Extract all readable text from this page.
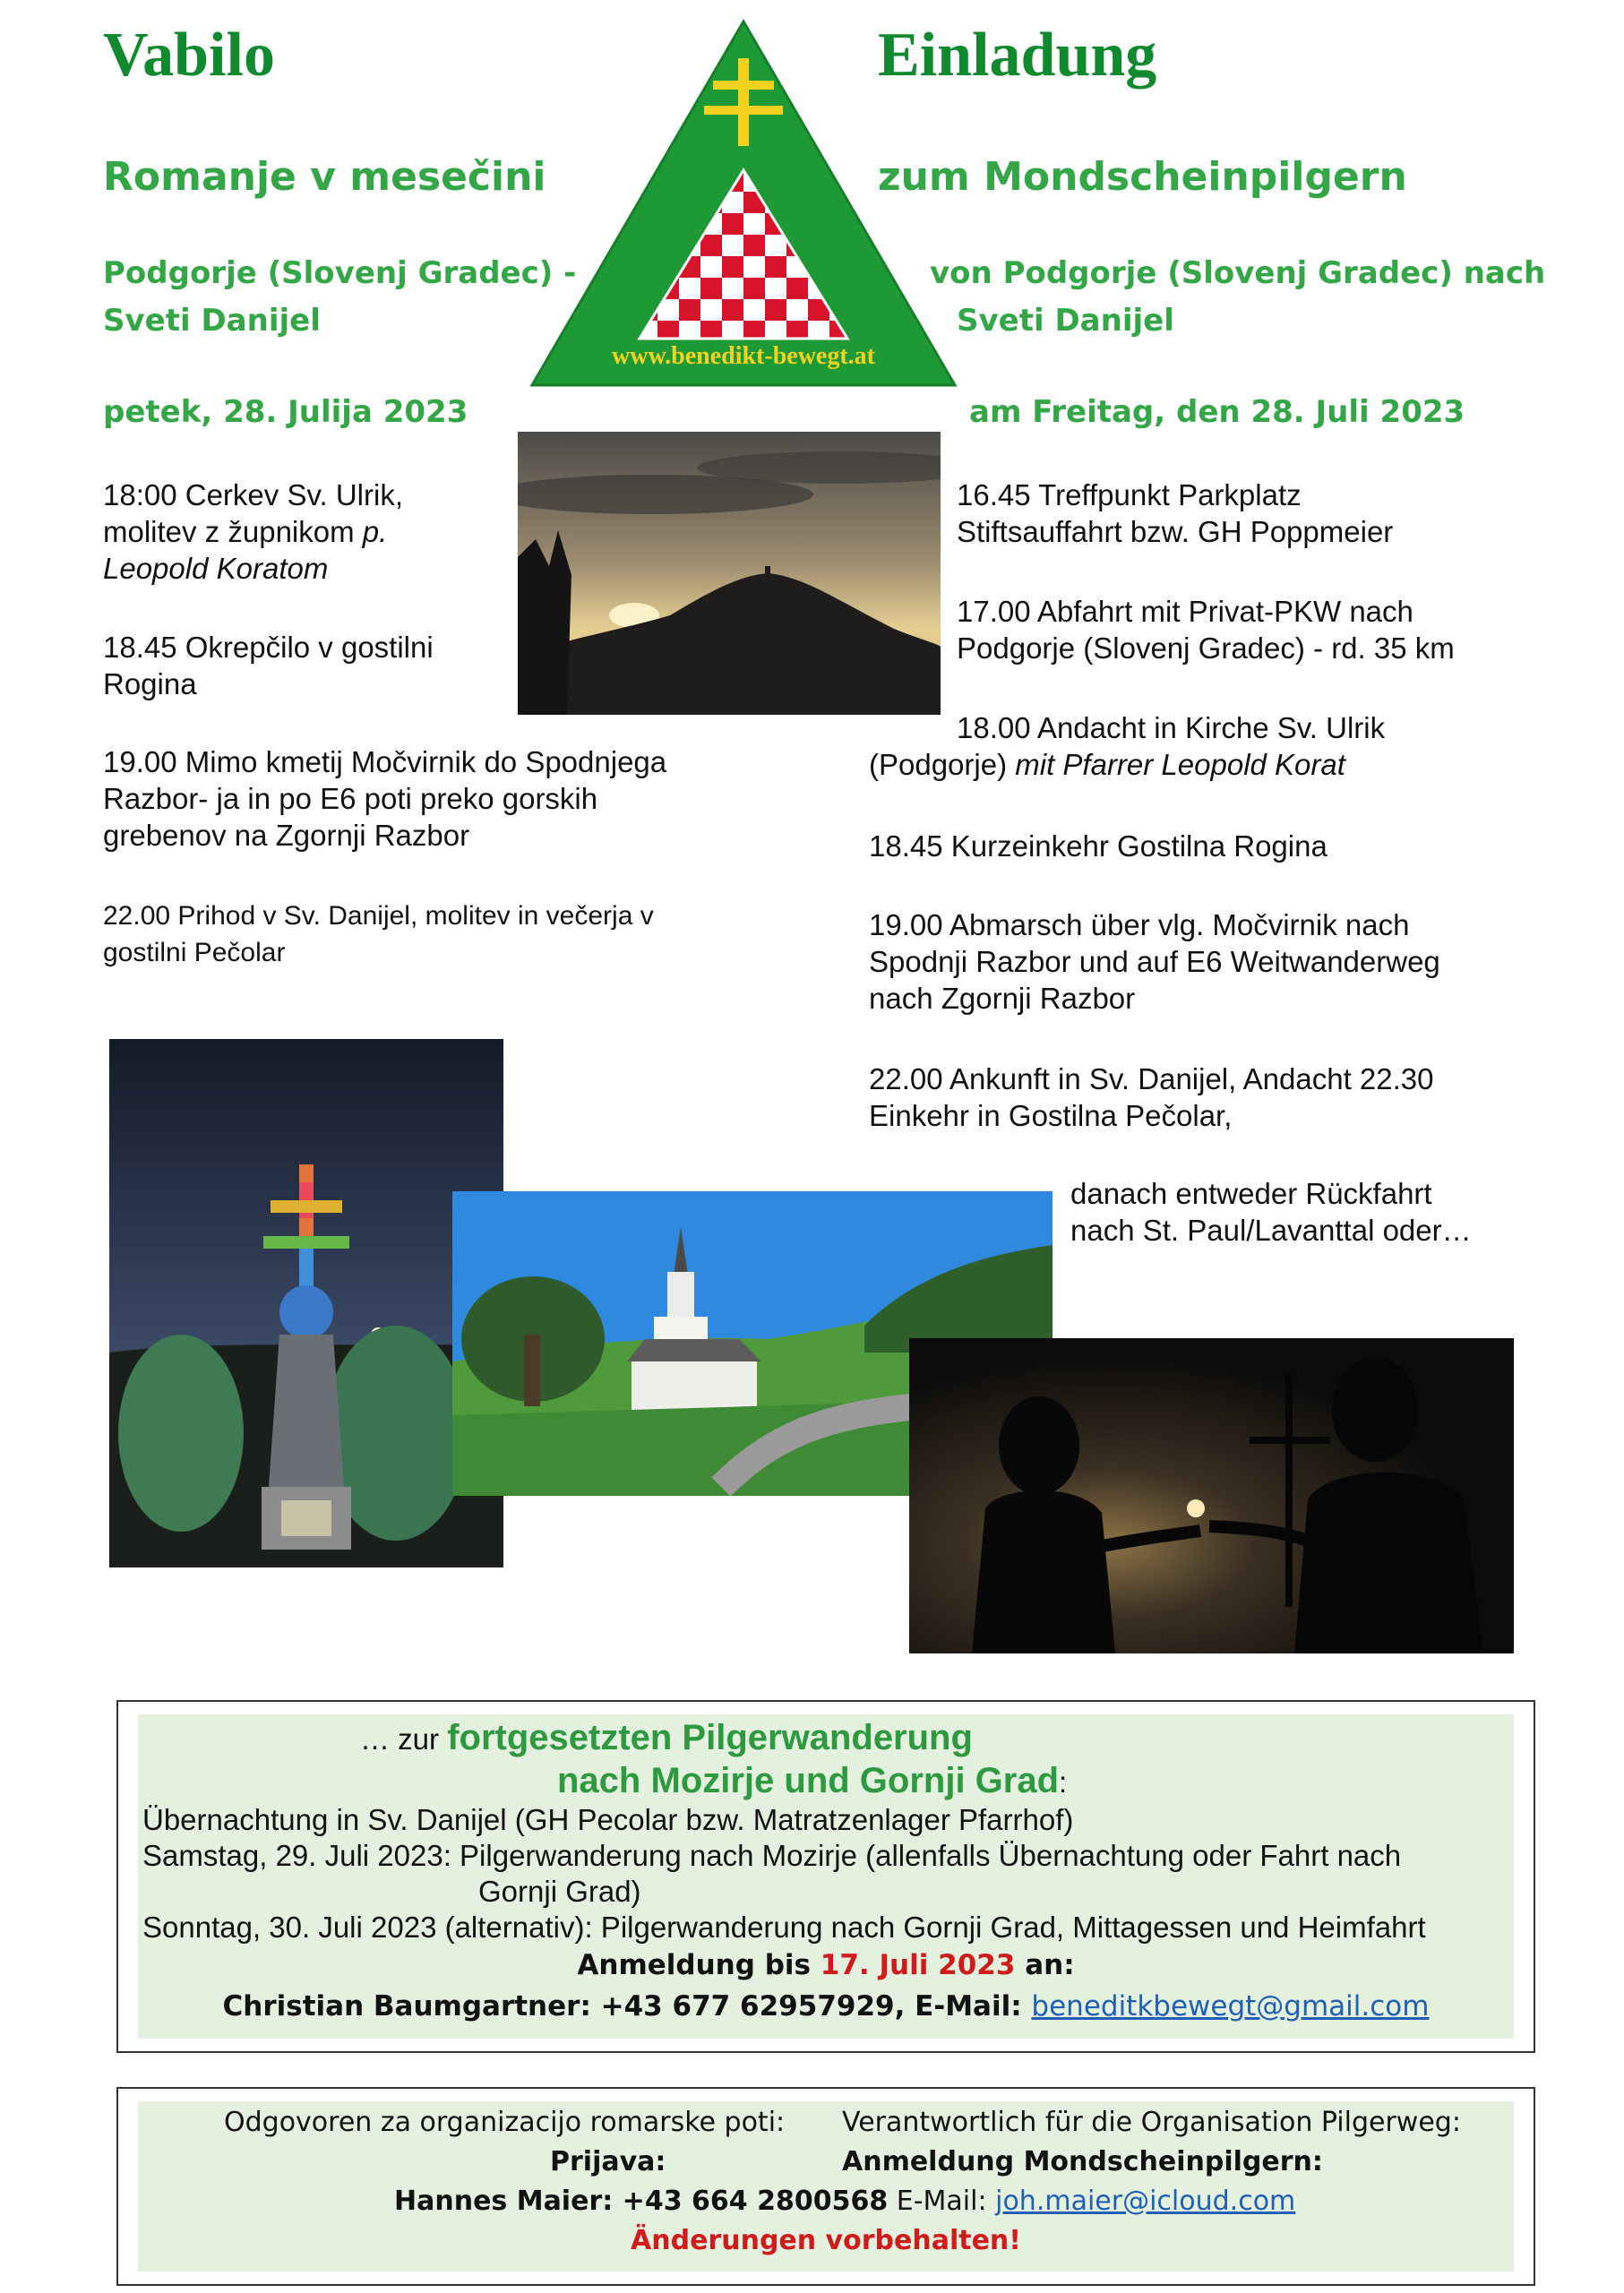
Vabilo	Einladung
Romanje v mesečini	zum Mondscheinpilgern
Podgorje (Slovenj Gradec) -
Sveti Danijel
von Podgorje (Slovenj Gradec) nach
Sveti Danijel
petek, 28. Julija 2023	am Freitag, den 28. Juli 2023
www.benedikt-bewegt.at
18:00 Cerkev Sv. Ulrik,
molitev z župnikom p.
Leopold Koratom
18.45 Okrepčilo v gostilni
Rogina
19.00 Mimo kmetij Močvirnik do Spodnjega
Razbor- ja in po E6 poti preko gorskih
grebenov na Zgornji Razbor
22.00 Prihod v Sv. Danijel, molitev in večerja v
gostilni Pečolar
16.45 Treffpunkt Parkplatz
Stiftsauffahrt bzw. GH Poppmeier
17.00 Abfahrt mit Privat-PKW nach
Podgorje (Slovenj Gradec) - rd. 35 km
18.00 Andacht in Kirche Sv. Ulrik
(Podgorje) mit Pfarrer Leopold Korat
18.45 Kurzeinkehr Gostilna Rogina
19.00 Abmarsch über vlg. Močvirnik nach
Spodnji Razbor und auf E6 Weitwanderweg
nach Zgornji Razbor
22.00 Ankunft in Sv. Danijel, Andacht 22.30
Einkehr in Gostilna Pečolar,
danach entweder Rückfahrt
nach St. Paul/Lavanttal oder…
… zur fortgesetzten Pilgerwanderung
nach Mozirje und Gornji Grad:
Übernachtung in Sv. Danijel (GH Pecolar bzw. Matratzenlager Pfarrhof)
Samstag, 29. Juli 2023: Pilgerwanderung nach Mozirje (allenfalls Übernachtung oder Fahrt nach
Gornji Grad)
Sonntag, 30. Juli 2023 (alternativ): Pilgerwanderung nach Gornji Grad, Mittagessen und Heimfahrt
Anmeldung bis 17. Juli 2023 an:
Christian Baumgartner: +43 677 62957929, E-Mail: beneditkbewegt@gmail.com
Odgovoren za organizacijo romarske poti: Verantwortlich für die Organisation Pilgerweg:
Prijava:	Anmeldung Mondscheinpilgern:
Hannes Maier: +43 664 2800568 E-Mail: joh.maier@icloud.com
Änderungen vorbehalten!
